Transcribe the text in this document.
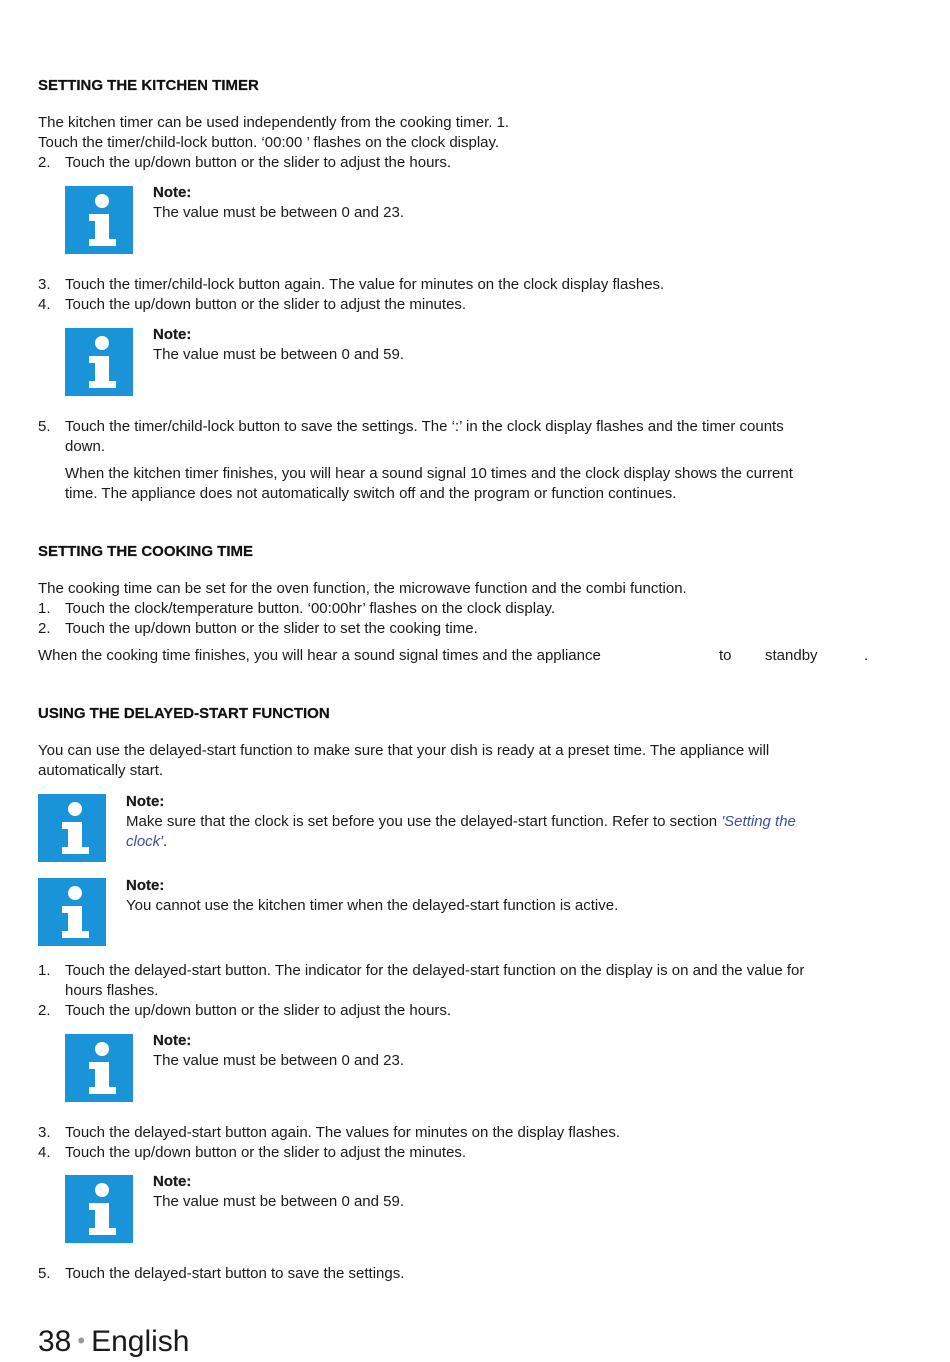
SETTING THE KITCHEN TIMER
The kitchen timer can be used independently from the cooking timer. 1.
Touch the timer/child-lock button. ‘00:00 ’ flashes on the clock display.
2. Touch the up/down button or the slider to adjust the hours.
Note:
The value must be between 0 and 23.
3. Touch the timer/child-lock button again. The value for minutes on the clock display flashes.
4. Touch the up/down button or the slider to adjust the minutes.
Note:
The value must be between 0 and 59.
5. Touch the timer/child-lock button to save the settings. The ‘:’ in the clock display flashes and the timer counts
down.
When the kitchen timer finishes, you will hear a sound signal 10 times and the clock display shows the current
time. The appliance does not automatically switch off and the program or function continues.
SETTING THE COOKING TIME
The cooking time can be set for the oven function, the microwave function and the combi function.
1. Touch the clock/temperature button. ‘00:00hr’ flashes on the clock display.
2. Touch the up/down button or the slider to set the cooking time.
When the cooking time finishes, you will hear a sound signal times and the appliance	to standby	.
USING THE DELAYED-START FUNCTION
You can use the delayed-start function to make sure that your dish is ready at a preset time. The appliance will
automatically start.
Note:
Make sure that the clock is set before you use the delayed-start function. Refer to section 'Setting the
clock'.
Note:
You cannot use the kitchen timer when the delayed-start function is active.
1. Touch the delayed-start button. The indicator for the delayed-start function on the display is on and the value for
hours flashes.
2. Touch the up/down button or the slider to adjust the hours.
Note:
The value must be between 0 and 23.
3. Touch the delayed-start button again. The values for minutes on the display flashes.
4. Touch the up/down button or the slider to adjust the minutes.
Note:
The value must be between 0 and 59.
5. Touch the delayed-start button to save the settings.
38 • English
